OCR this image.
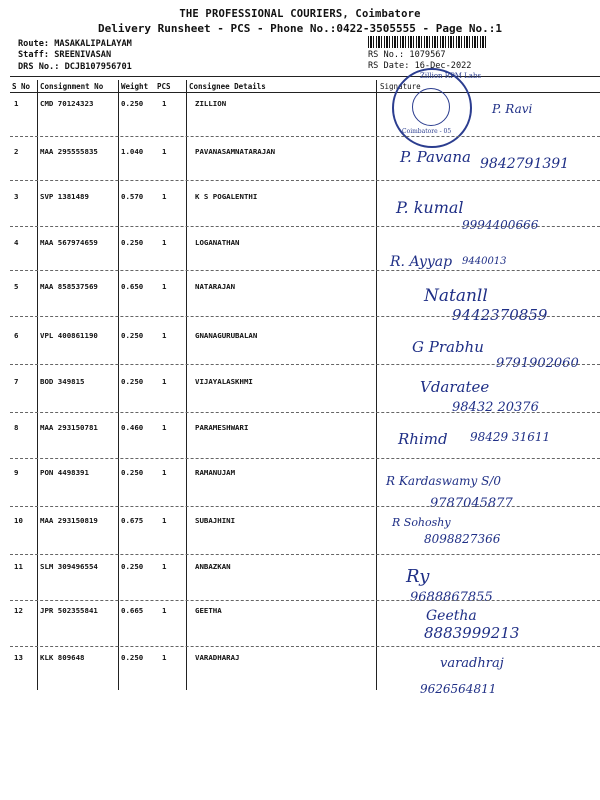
THE PROFESSIONAL COURIERS, Coimbatore
Delivery Runsheet - PCS - Phone No.:0422-3505555 - Page No.:1
Route: MASAKALIPALAYAM
Staff: SREENIVASAN
DRS No.: DCJB107956701
RS No.: 1079567
RS Date: 16-Dec-2022
S No Consignment No Weight PCS Consignee Details	Signature
Zillion RPM Labs
Coimbatore - 05
1	CMD 70124323	0.250	1	ZILLION	P. Ravi
2	MAA 295555835	1.040	1	PAVANASAMNATARAJAN	P. Pavana 9842791391
3	SVP 1381489	0.570	1	K S POGALENTHI
P. kumal
9994400666
4	MAA 567974659	0.250	1	LOGANATHAN
R. Ayyap 9440013
5	MAA 858537569	0.650	1	NATARAJAN	Natanll
9442370859
6	VPL 400861190	0.250	1	GNANAGURUBALAN
G Prabhu
9791902060
7	BOD 349815	0.250	1	VIJAYALASKHMI	Vdaratee
98432 20376
8	MAA 293150781	0.460	1	PARAMESHWARI
Rhimd 98429 31611
9	PON 4498391	0.250	1	RAMANUJAM
R Kardaswamy S/0
9787045877
10 MAA 293150819	0.675	1	SUBAJHINI	R Sohoshy
8098827366
11 SLM 309496554	0.250	1	ANBAZKAN	Ry
9688867855
12 JPR 502355841	0.665	1	GEETHA	Geetha
8883999213
13 KLK 809648	0.250	1	VARADHARAJ	varadhraj
9626564811
